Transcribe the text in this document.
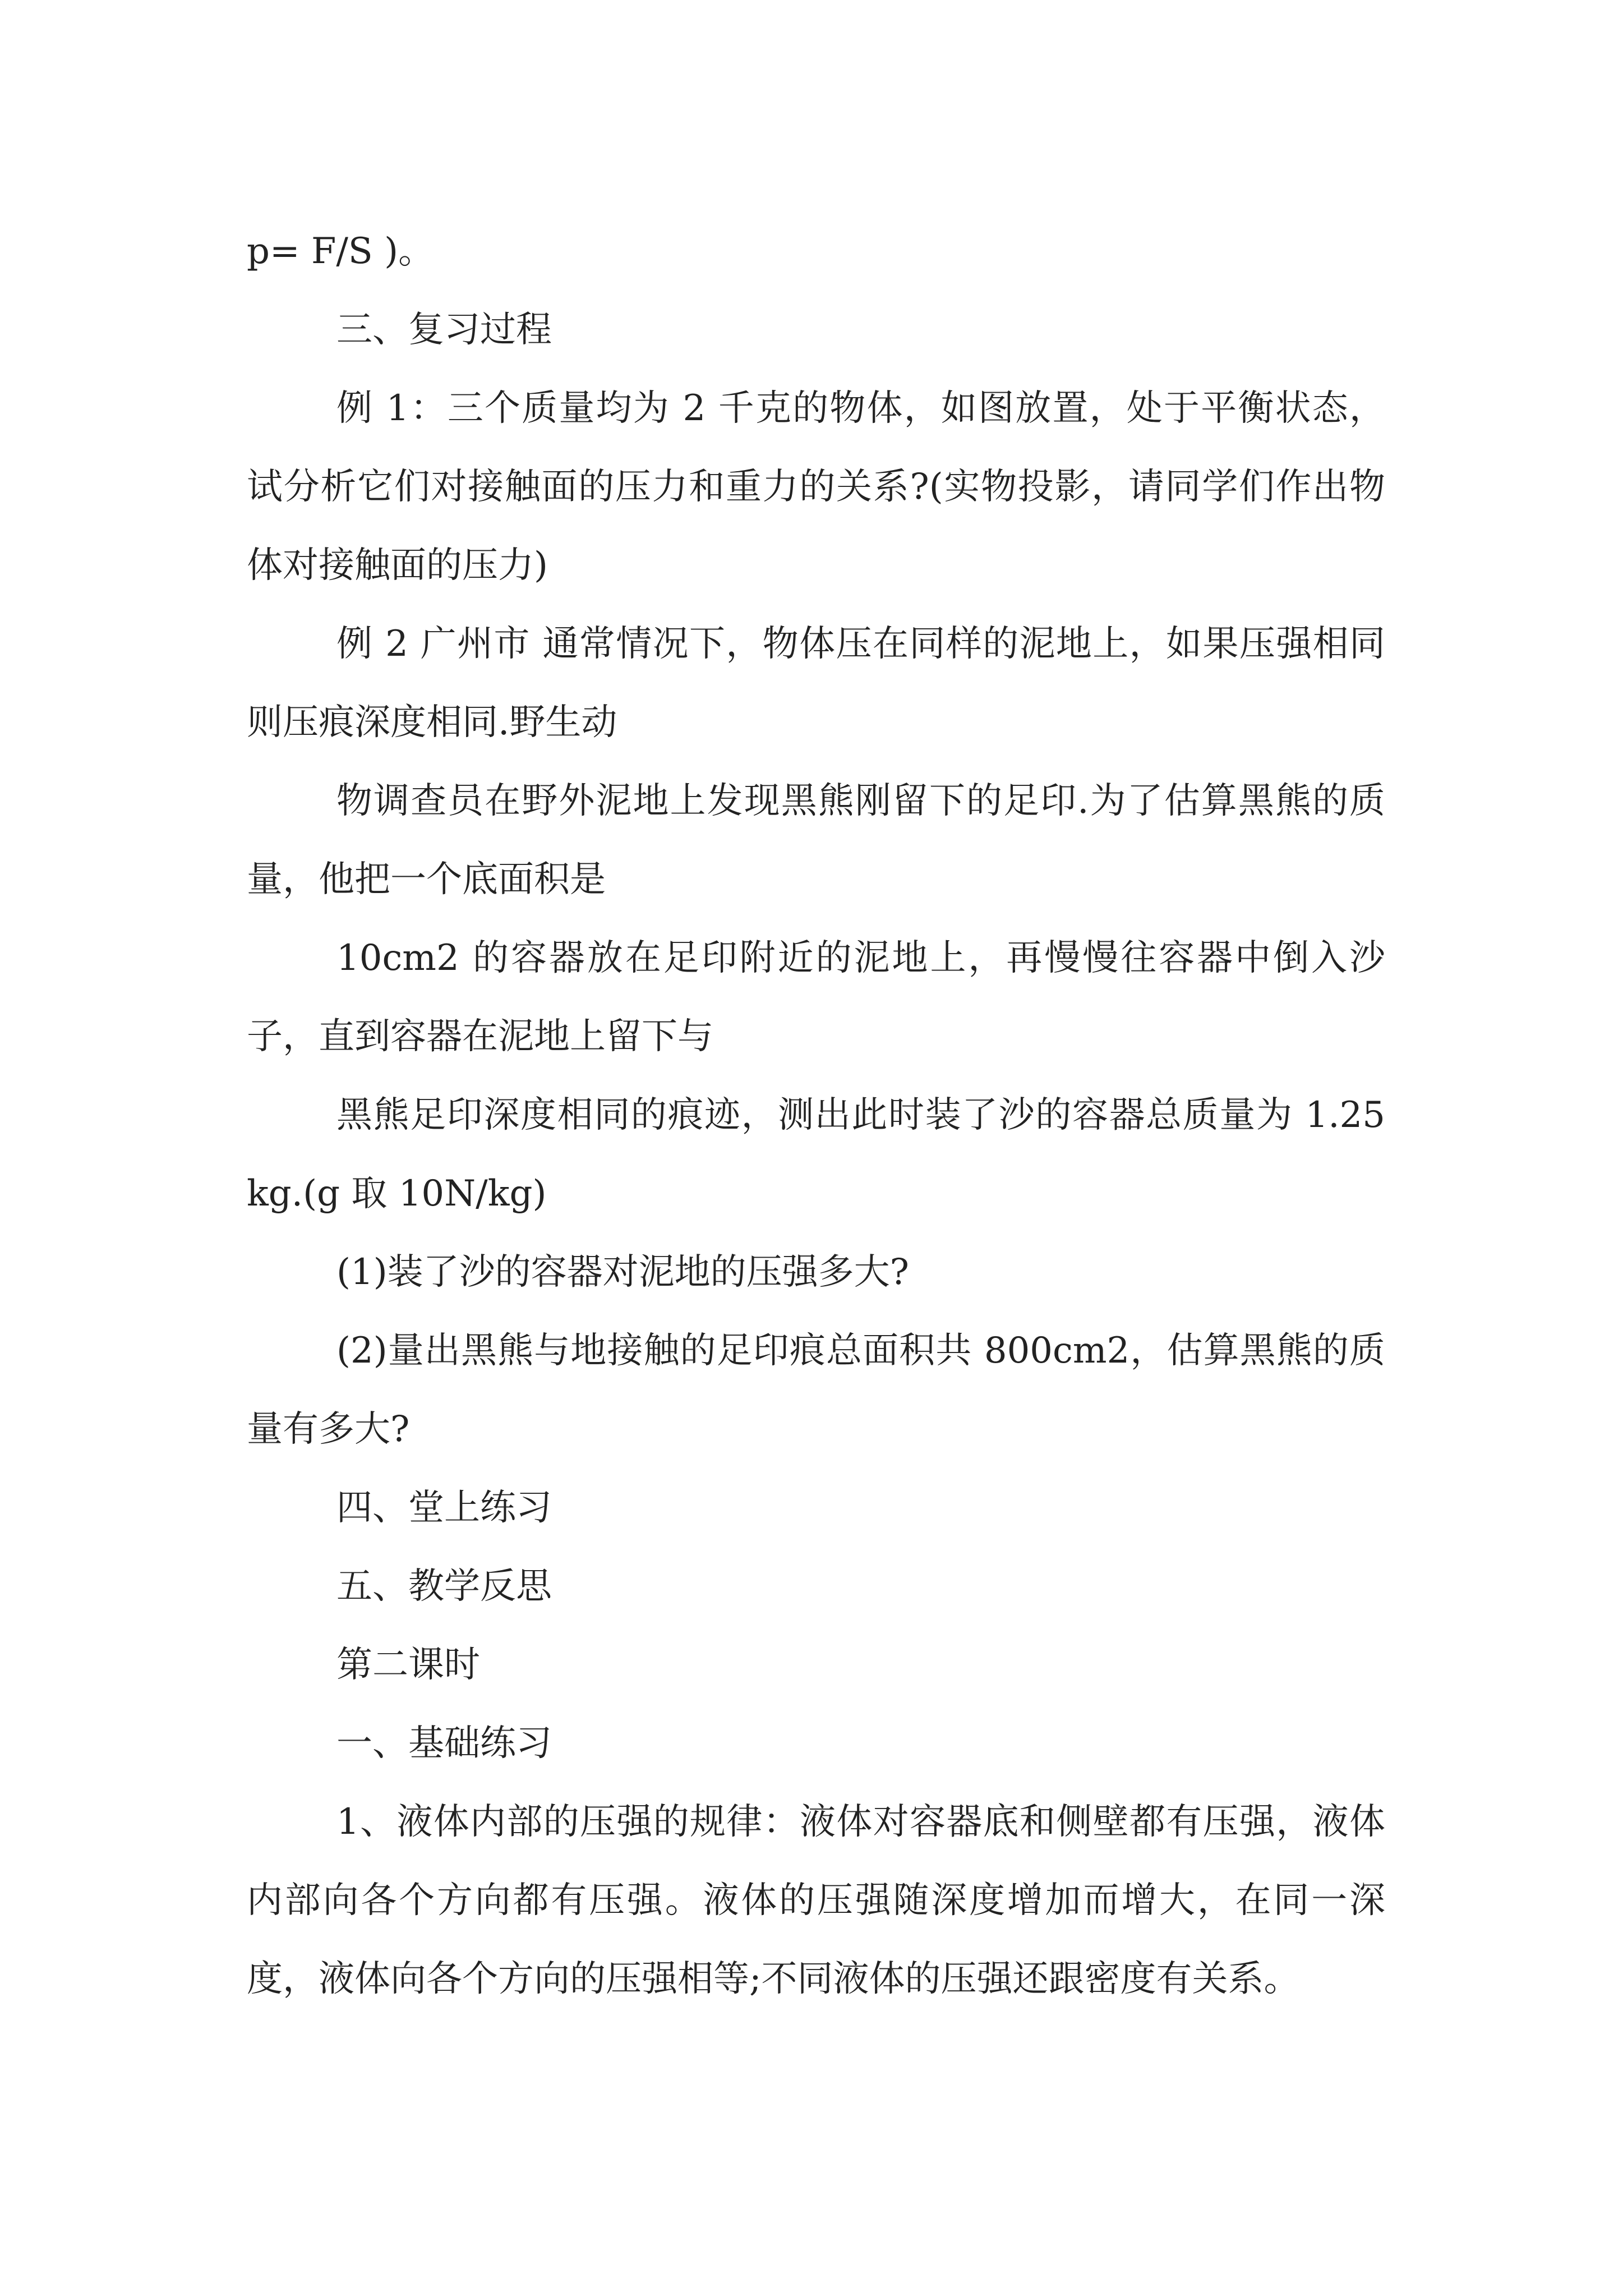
p= F/S )。

三、复习过程

例 1：三个质量均为 2 千克的物体，如图放置，处于平衡状态，试分析它们对接触面的压力和重力的关系?(实物投影，请同学们作出物体对接触面的压力)

例 2 广州市 通常情况下，物体压在同样的泥地上，如果压强相同则压痕深度相同.野生动

物调查员在野外泥地上发现黑熊刚留下的足印.为了估算黑熊的质量，他把一个底面积是

10cm2 的容器放在足印附近的泥地上，再慢慢往容器中倒入沙子，直到容器在泥地上留下与

黑熊足印深度相同的痕迹，测出此时装了沙的容器总质量为 1.25 kg.(g 取 10N/kg)

(1)装了沙的容器对泥地的压强多大?

(2)量出黑熊与地接触的足印痕总面积共 800cm2，估算黑熊的质量有多大?

四、堂上练习

五、教学反思

第二课时

一、基础练习

1、液体内部的压强的规律：液体对容器底和侧壁都有压强，液体内部向各个方向都有压强。液体的压强随深度增加而增大，在同一深度，液体向各个方向的压强相等;不同液体的压强还跟密度有关系。
